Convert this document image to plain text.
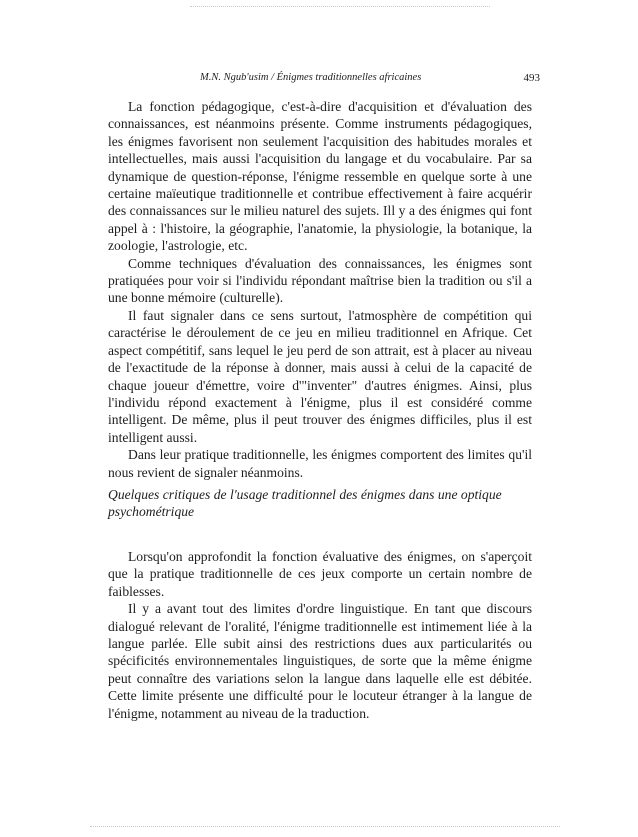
M.N. Ngub'usim / Énigmes traditionnelles africaines	493

La fonction pédagogique, c'est-à-dire d'acquisition et d'évaluation des connaissances, est néanmoins présente. Comme instruments pédagogiques, les énigmes favorisent non seulement l'acquisition des habitudes morales et intellectuelles, mais aussi l'acquisition du langage et du vocabulaire. Par sa dynamique de question-réponse, l'énigme ressemble en quelque sorte à une certaine maïeutique traditionnelle et contribue effectivement à faire acquérir des connaissances sur le milieu naturel des sujets. Ill y a des énigmes qui font appel à : l'histoire, la géographie, l'anatomie, la physiologie, la botanique, la zoologie, l'astrologie, etc.

Comme techniques d'évaluation des connaissances, les énigmes sont pratiquées pour voir si l'individu répondant maîtrise bien la tradition ou s'il a une bonne mémoire (culturelle).

Il faut signaler dans ce sens surtout, l'atmosphère de compétition qui caractérise le déroulement de ce jeu en milieu traditionnel en Afrique. Cet aspect compétitif, sans lequel le jeu perd de son attrait, est à placer au niveau de l'exactitude de la réponse à donner, mais aussi à celui de la capacité de chaque joueur d'émettre, voire d'"inventer" d'autres énigmes. Ainsi, plus l'individu répond exactement à l'énigme, plus il est considéré comme intelligent. De même, plus il peut trouver des énigmes difficiles, plus il est intelligent aussi.

Dans leur pratique traditionnelle, les énigmes comportent des limites qu'il nous revient de signaler néanmoins.

Quelques critiques de l'usage traditionnel des énigmes dans une optique psychométrique

Lorsqu'on approfondit la fonction évaluative des énigmes, on s'aperçoit que la pratique traditionnelle de ces jeux comporte un certain nombre de faiblesses.

Il y a avant tout des limites d'ordre linguistique. En tant que discours dialogué relevant de l'oralité, l'énigme traditionnelle est intimement liée à la langue parlée. Elle subit ainsi des restrictions dues aux particularités ou spécificités environnementales linguistiques, de sorte que la même énigme peut connaître des variations selon la langue dans laquelle elle est débitée. Cette limite présente une difficulté pour le locuteur étranger à la langue de l'énigme, notamment au niveau de la traduction.
